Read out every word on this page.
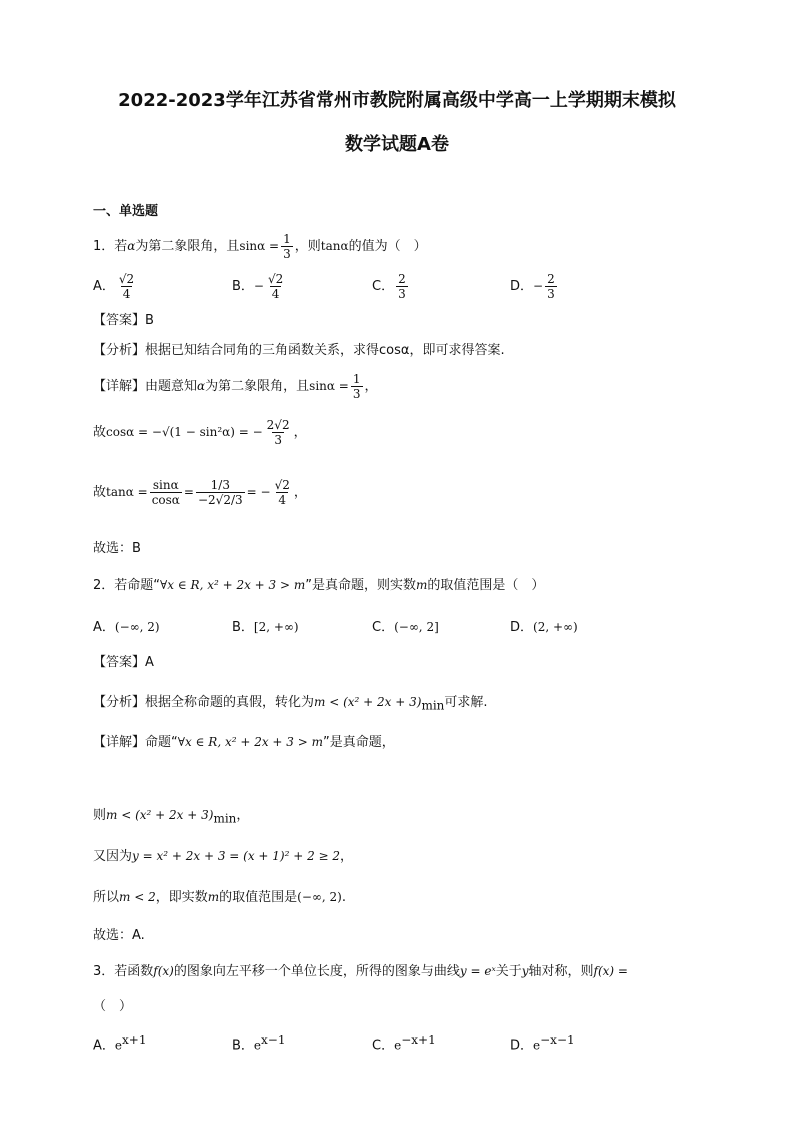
2022-2023学年江苏省常州市教院附属高级中学高一上学期期末模拟
数学试题A卷
一、单选题
1．若α为第二象限角，且$\sin\alpha = \frac{1}{3}$ ，则tanα的值为（　）
A． $\frac{√2}{4}$	B．− $\frac{√2}{4}$	C． $\frac{2}{3}$	D．− $\frac{2}{3}$
【答案】B
【分析】根据已知结合同角的三角函数关系，求得cosα，即可求得答案.
【详解】由题意知α为第二象限角，且$\sin\alpha = \frac{1}{3}$ ，
故cosα = −√(1 − sin²α) = − $\frac{2√2}{3}$ ，
故$\tan\alpha = \frac{\sin\alpha}{\cos\alpha} = \frac{1/3}{-2√2/3}$ = − $\frac{√2}{4}$ ，
故选：B
2．若命题“∀x ∈ R, x² + 2x + 3 > m”是真命题，则实数m的取值范围是（　）
A．(−∞, 2)	B．[2, +∞)	C．(−∞, 2]	D．(2, +∞)
【答案】A
【分析】根据全称命题的真假，转化为$m < (x^2 + 2x + 3)_{min}$可求解.
【详解】命题“∀x ∈ R, x² + 2x + 3 > m”是真命题，
则$m < (x^2 + 2x + 3)_{min}$，
又因为y = x² + 2x + 3 = (x + 1)² + 2 ≥ 2，
所以m < 2，即实数m的取值范围是(−∞, 2).
故选：A.
3．若函数f(x)的图象向左平移一个单位长度，所得的图象与曲线y = eˣ关于y轴对称，则f(x) =
（　）
A．$e^{x+1}$	B．$e^{x-1}$	C．$e^{-x+1}$	D．$e^{-x-1}$
